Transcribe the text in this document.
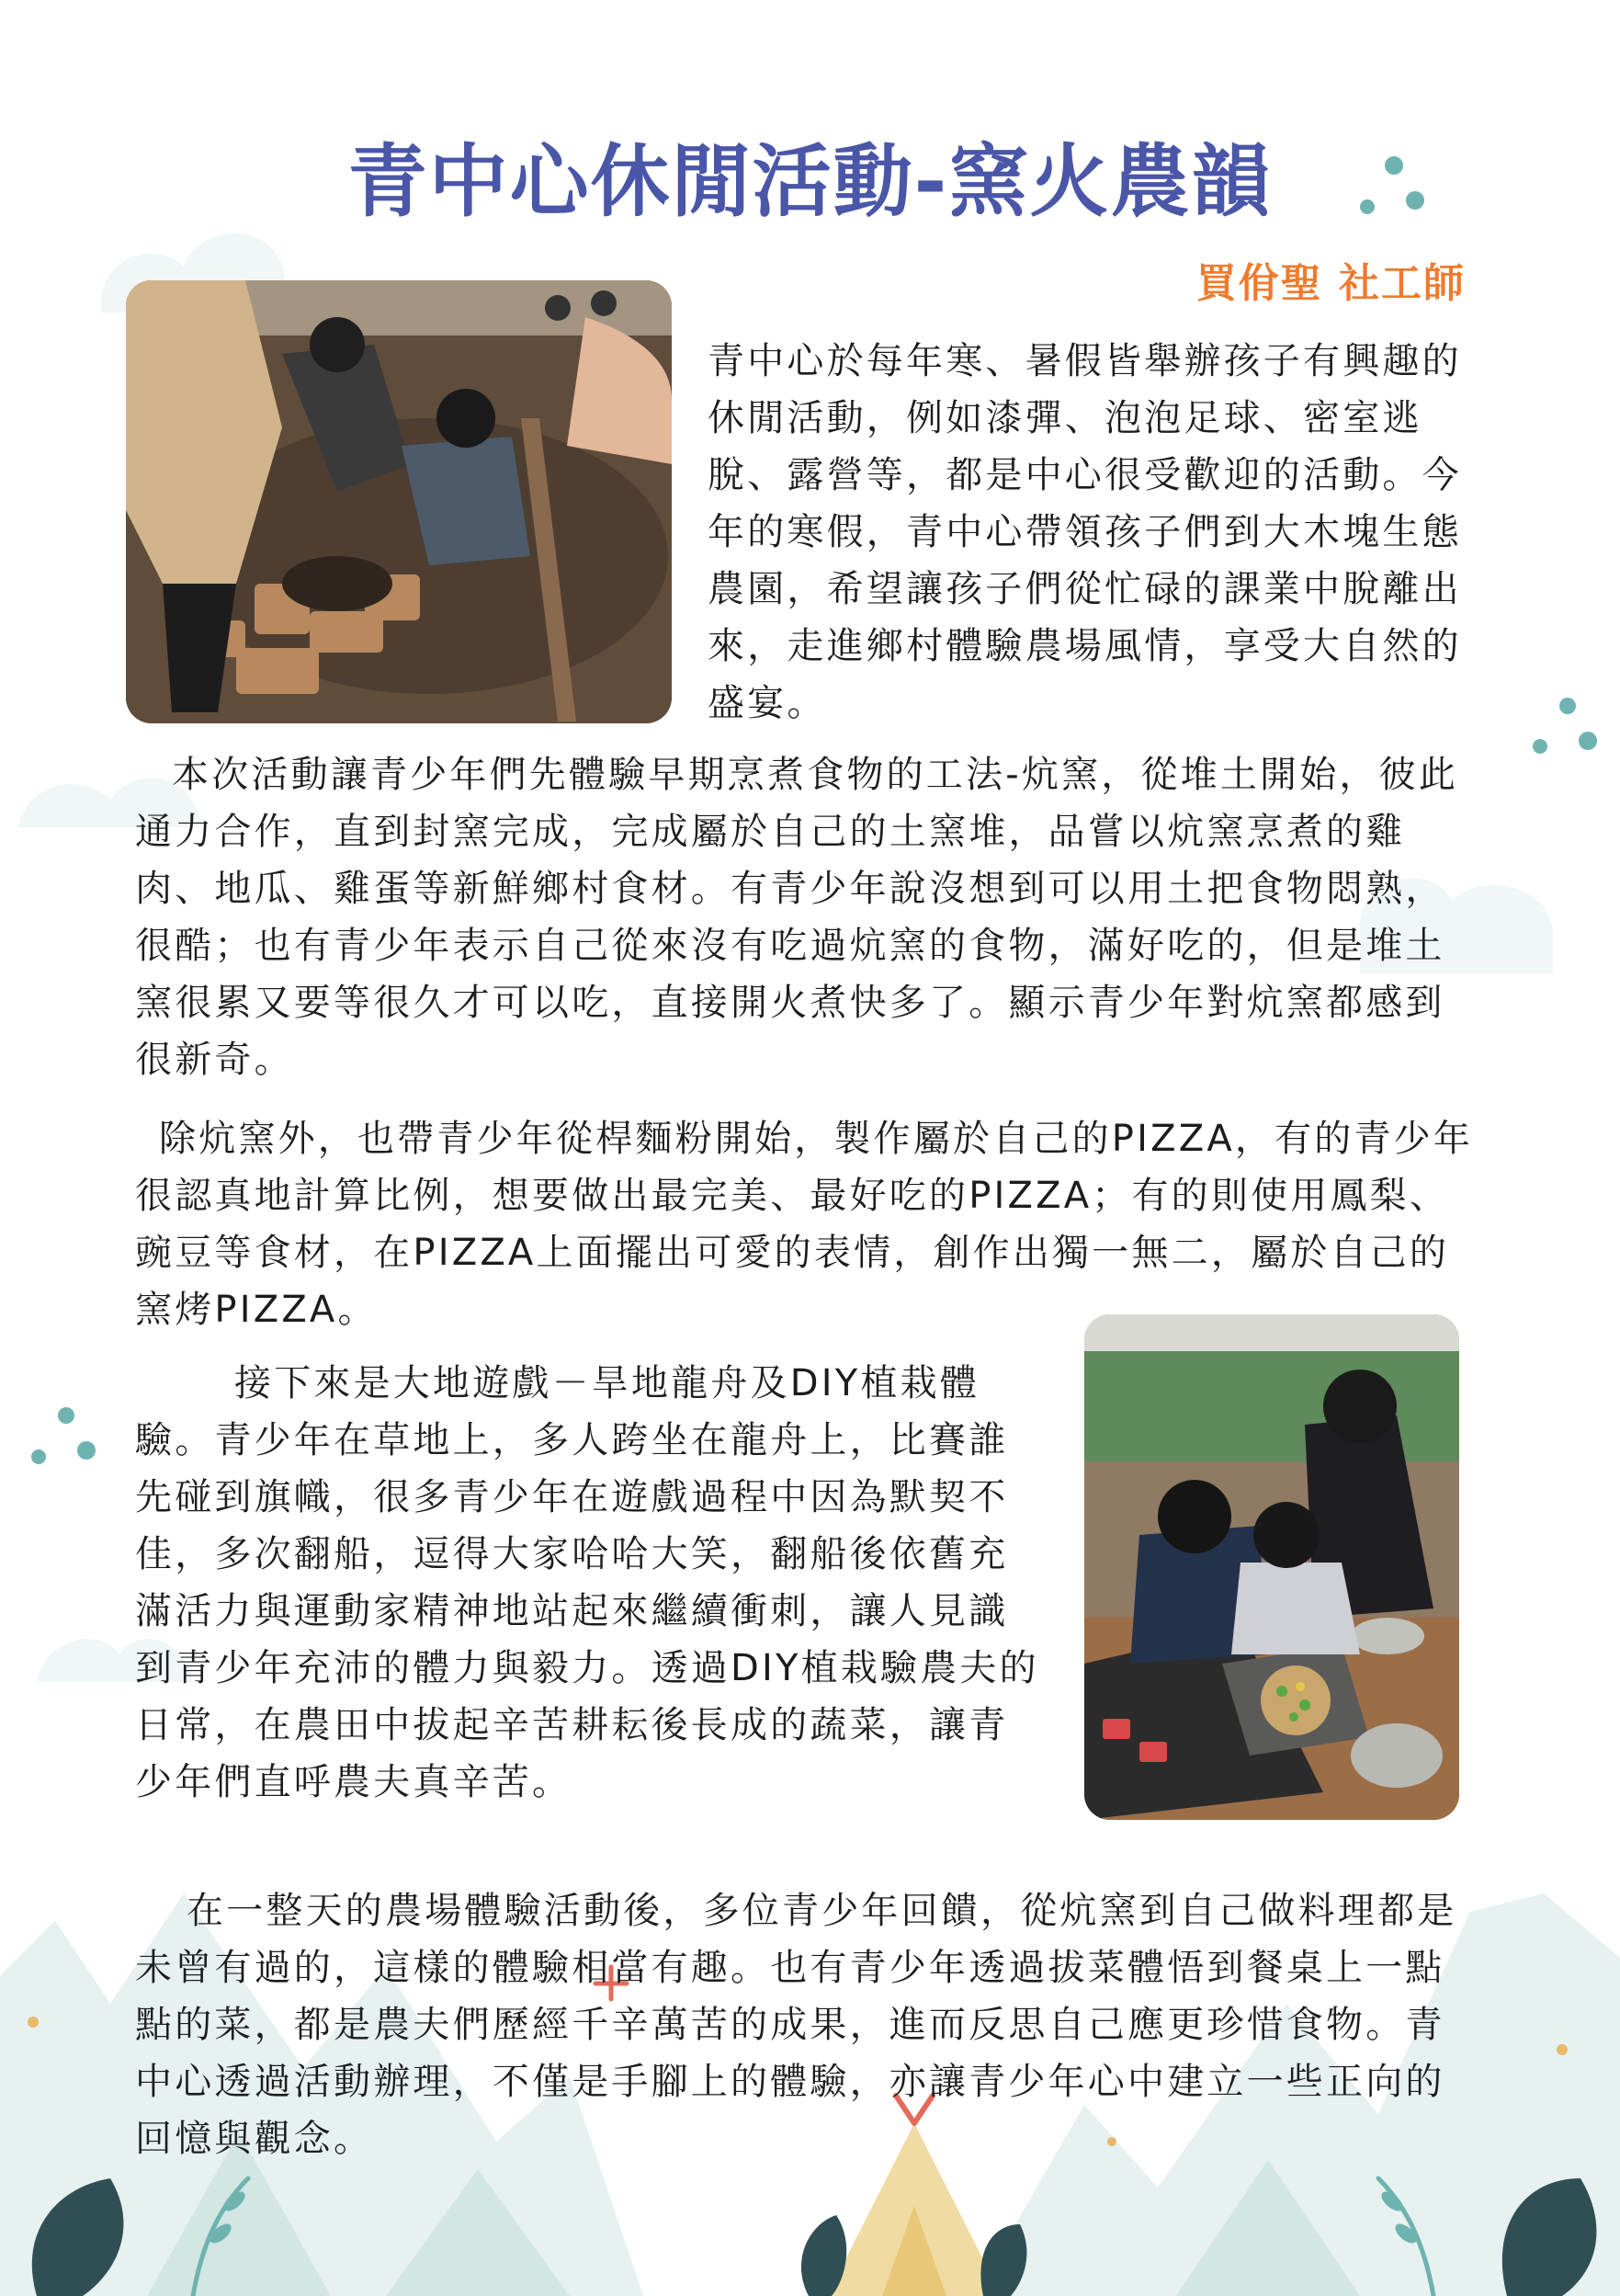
青中心休閒活動-窯火農韻
買佾聖 社工師

青中心於每年寒、暑假皆舉辦孩子有興趣的休閒活動，例如漆彈、泡泡足球、密室逃脫、露營等，都是中心很受歡迎的活動。今年的寒假，青中心帶領孩子們到大木塊生態農園，希望讓孩子們從忙碌的課業中脫離出來，走進鄉村體驗農場風情，享受大自然的盛宴。

本次活動讓青少年們先體驗早期烹煮食物的工法-炕窯，從堆土開始，彼此通力合作，直到封窯完成，完成屬於自己的土窯堆，品嘗以炕窯烹煮的雞肉、地瓜、雞蛋等新鮮鄉村食材。有青少年說沒想到可以用土把食物悶熟，很酷；也有青少年表示自己從來沒有吃過炕窯的食物，滿好吃的，但是堆土窯很累又要等很久才可以吃，直接開火煮快多了。顯示青少年對炕窯都感到很新奇。

除炕窯外，也帶青少年從桿麵粉開始，製作屬於自己的PIZZA，有的青少年很認真地計算比例，想要做出最完美、最好吃的PIZZA；有的則使用鳳梨、豌豆等食材，在PIZZA上面擺出可愛的表情，創作出獨一無二，屬於自己的窯烤PIZZA。

接下來是大地遊戲－旱地龍舟及DIY植栽體驗。青少年在草地上，多人跨坐在龍舟上，比賽誰先碰到旗幟，很多青少年在遊戲過程中因為默契不佳，多次翻船，逗得大家哈哈大笑，翻船後依舊充滿活力與運動家精神地站起來繼續衝刺，讓人見識到青少年充沛的體力與毅力。透過DIY植栽驗農夫的日常，在農田中拔起辛苦耕耘後長成的蔬菜，讓青少年們直呼農夫真辛苦。

在一整天的農場體驗活動後，多位青少年回饋，從炕窯到自己做料理都是未曾有過的，這樣的體驗相當有趣。也有青少年透過拔菜體悟到餐桌上一點點的菜，都是農夫們歷經千辛萬苦的成果，進而反思自己應更珍惜食物。青中心透過活動辦理，不僅是手腳上的體驗，亦讓青少年心中建立一些正向的回憶與觀念。
